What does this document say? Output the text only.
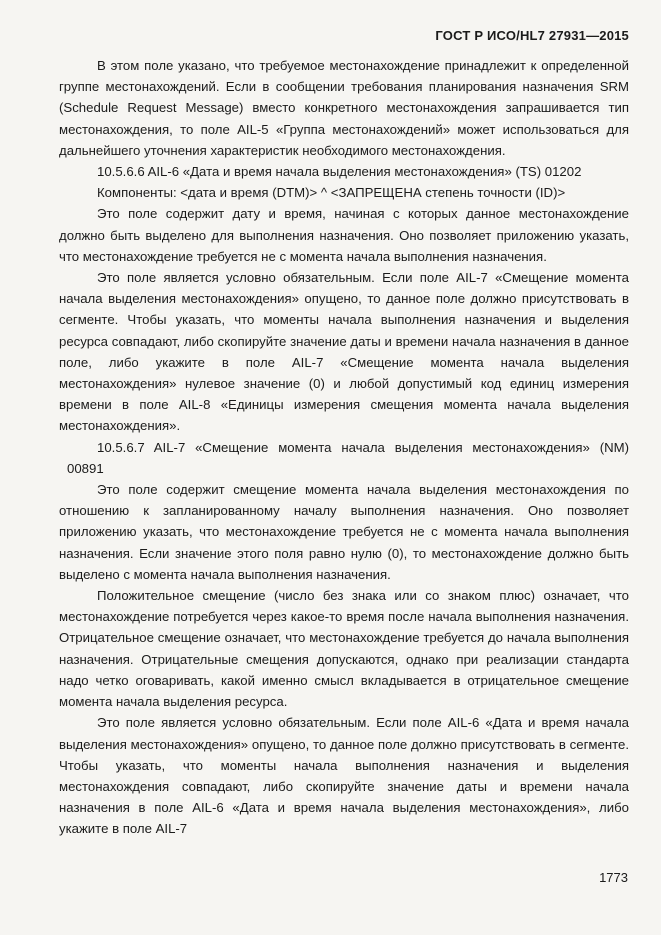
ГОСТ Р ИСО/HL7 27931—2015

В этом поле указано, что требуемое местонахождение принадлежит к определенной группе местонахождений. Если в сообщении требования планирования назначения SRM (Schedule Request Message) вместо конкретного местонахождения запрашивается тип местонахождения, то поле AIL-5 «Группа местонахождений» может использоваться для дальнейшего уточнения характеристик необходимого местонахождения.

10.5.6.6 AIL-6 «Дата и время начала выделения местонахождения» (TS) 01202

Компоненты: <дата и время (DTM)> ^ <ЗАПРЕЩЕНА степень точности (ID)>

Это поле содержит дату и время, начиная с которых данное местонахождение должно быть выделено для выполнения назначения. Оно позволяет приложению указать, что местонахождение требуется не с момента начала выполнения назначения.

Это поле является условно обязательным. Если поле AIL-7 «Смещение момента начала выделения местонахождения» опущено, то данное поле должно присутствовать в сегменте. Чтобы указать, что моменты начала выполнения назначения и выделения ресурса совпадают, либо скопируйте значение даты и времени начала назначения в данное поле, либо укажите в поле AIL-7 «Смещение момента начала выделения местонахождения» нулевое значение (0) и любой допустимый код единиц измерения времени в поле AIL-8 «Единицы измерения смещения момента начала выделения местонахождения».

10.5.6.7 AIL-7 «Смещение момента начала выделения местонахождения» (NM)

00891

Это поле содержит смещение момента начала выделения местонахождения по отношению к запланированному началу выполнения назначения. Оно позволяет приложению указать, что местонахождение требуется не с момента начала выполнения назначения. Если значение этого поля равно нулю (0), то местонахождение должно быть выделено с момента начала выполнения назначения.

Положительное смещение (число без знака или со знаком плюс) означает, что местонахождение потребуется через какое-то время после начала выполнения назначения. Отрицательное смещение означает, что местонахождение требуется до начала выполнения назначения. Отрицательные смещения допускаются, однако при реализации стандарта надо четко оговаривать, какой именно смысл вкладывается в отрицательное смещение момента начала выделения ресурса.

Это поле является условно обязательным. Если поле AIL-6 «Дата и время начала выделения местонахождения» опущено, то данное поле должно присутствовать в сегменте. Чтобы указать, что моменты начала выполнения назначения и выделения местонахождения совпадают, либо скопируйте значение даты и времени начала назначения в поле AIL-6 «Дата и время начала выделения местонахождения», либо укажите в поле AIL-7

1773
